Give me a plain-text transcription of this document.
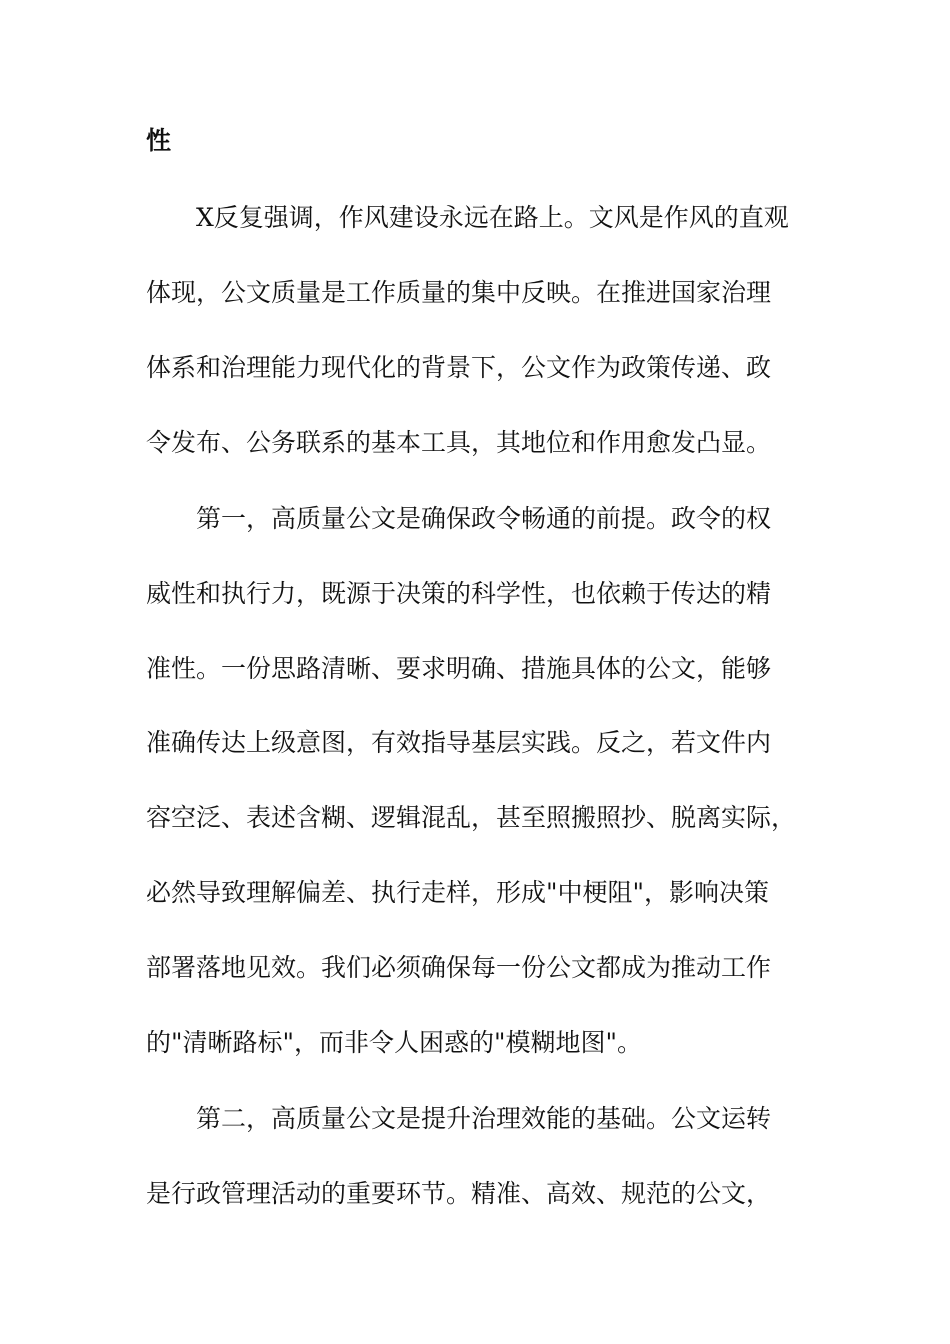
性
X反复强调，作风建设永远在路上。文风是作风的直观
体现，公文质量是工作质量的集中反映。在推进国家治理
体系和治理能力现代化的背景下，公文作为政策传递、政
令发布、公务联系的基本工具，其地位和作用愈发凸显。
第一，高质量公文是确保政令畅通的前提。政令的权
威性和执行力，既源于决策的科学性，也依赖于传达的精
准性。一份思路清晰、要求明确、措施具体的公文，能够
准确传达上级意图，有效指导基层实践。反之，若文件内
容空泛、表述含糊、逻辑混乱，甚至照搬照抄、脱离实际，
必然导致理解偏差、执行走样，形成"中梗阻"，影响决策
部署落地见效。我们必须确保每一份公文都成为推动工作
的"清晰路标"，而非令人困惑的"模糊地图"。
第二，高质量公文是提升治理效能的基础。公文运转
是行政管理活动的重要环节。精准、高效、规范的公文，
